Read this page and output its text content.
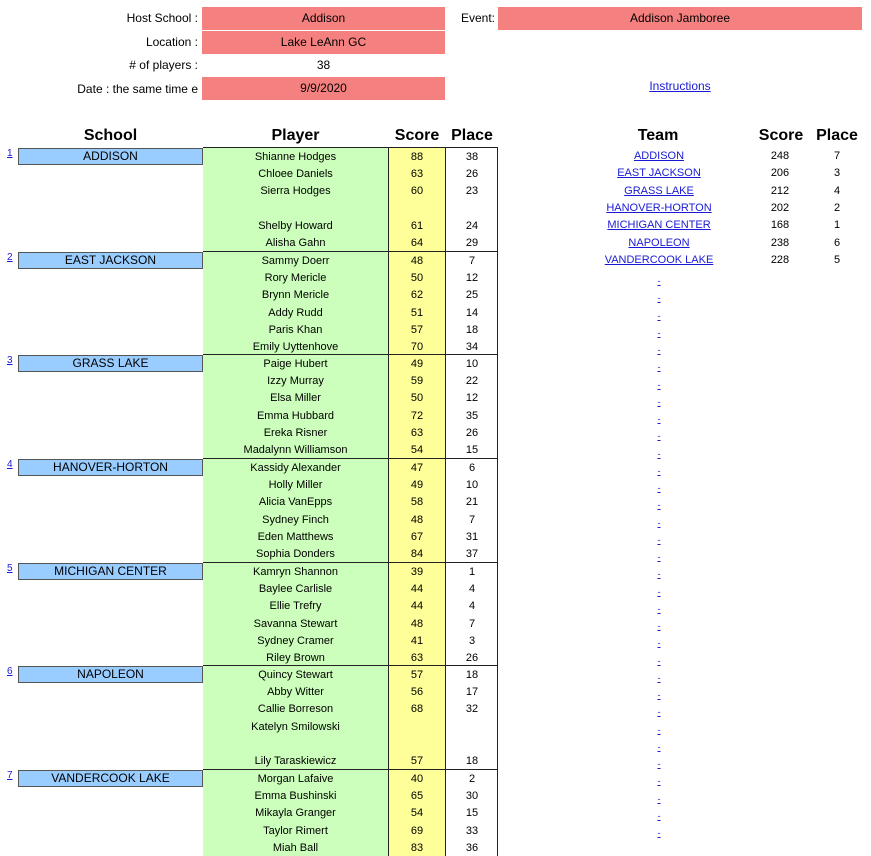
Host School :	Addison
Location :	Lake LeAnn GC
# of players :	38
Date : the same time e	9/9/2020
Event:	Addison Jamboree
Instructions
School	Player	Score Place	Team	Score Place
1	ADDISON	Shianne Hodges	88	38
Chloee Daniels	63	26
Sierra Hodges	60	23
Shelby Howard	61	24
Alisha Gahn	64	29
2	EAST JACKSON	Sammy Doerr	48	7
Rory Mericle	50	12
Brynn Mericle	62	25
Addy Rudd	51	14
Paris Khan	57	18
Emily Uyttenhove	70	34
3	GRASS LAKE	Paige Hubert	49	10
Izzy Murray	59	22
Elsa Miller	50	12
Emma Hubbard	72	35
Ereka Risner	63	26
Madalynn Williamson	54	15
4	HANOVER-HORTON	Kassidy Alexander	47	6
Holly Miller	49	10
Alicia VanEpps	58	21
Sydney Finch	48	7
Eden Matthews	67	31
Sophia Donders	84	37
5	MICHIGAN CENTER	Kamryn Shannon	39	1
Baylee Carlisle	44	4
Ellie Trefry	44	4
Savanna Stewart	48	7
Sydney Cramer	41	3
Riley Brown	63	26
6	NAPOLEON	Quincy Stewart	57	18
Abby Witter	56	17
Callie Borreson	68	32
Katelyn Smilowski
Lily Taraskiewicz	57	18
7	VANDERCOOK LAKE	Morgan Lafaive	40	2
Emma Bushinski	65	30
Mikayla Granger	54	15
Taylor Rimert	69	33
Miah Ball	83	36
ADDISON	248	7
EAST JACKSON	206	3
GRASS LAKE	212	4
HANOVER-HORTON	202	2
MICHIGAN CENTER	168	1
NAPOLEON	238	6
VANDERCOOK LAKE	228	5
-
-
-
-
-
-
-
-
-
-
-
-
-
-
-
-
-
-
-
-
-
-
-
-
-
-
-
-
-
-
-
-
-
